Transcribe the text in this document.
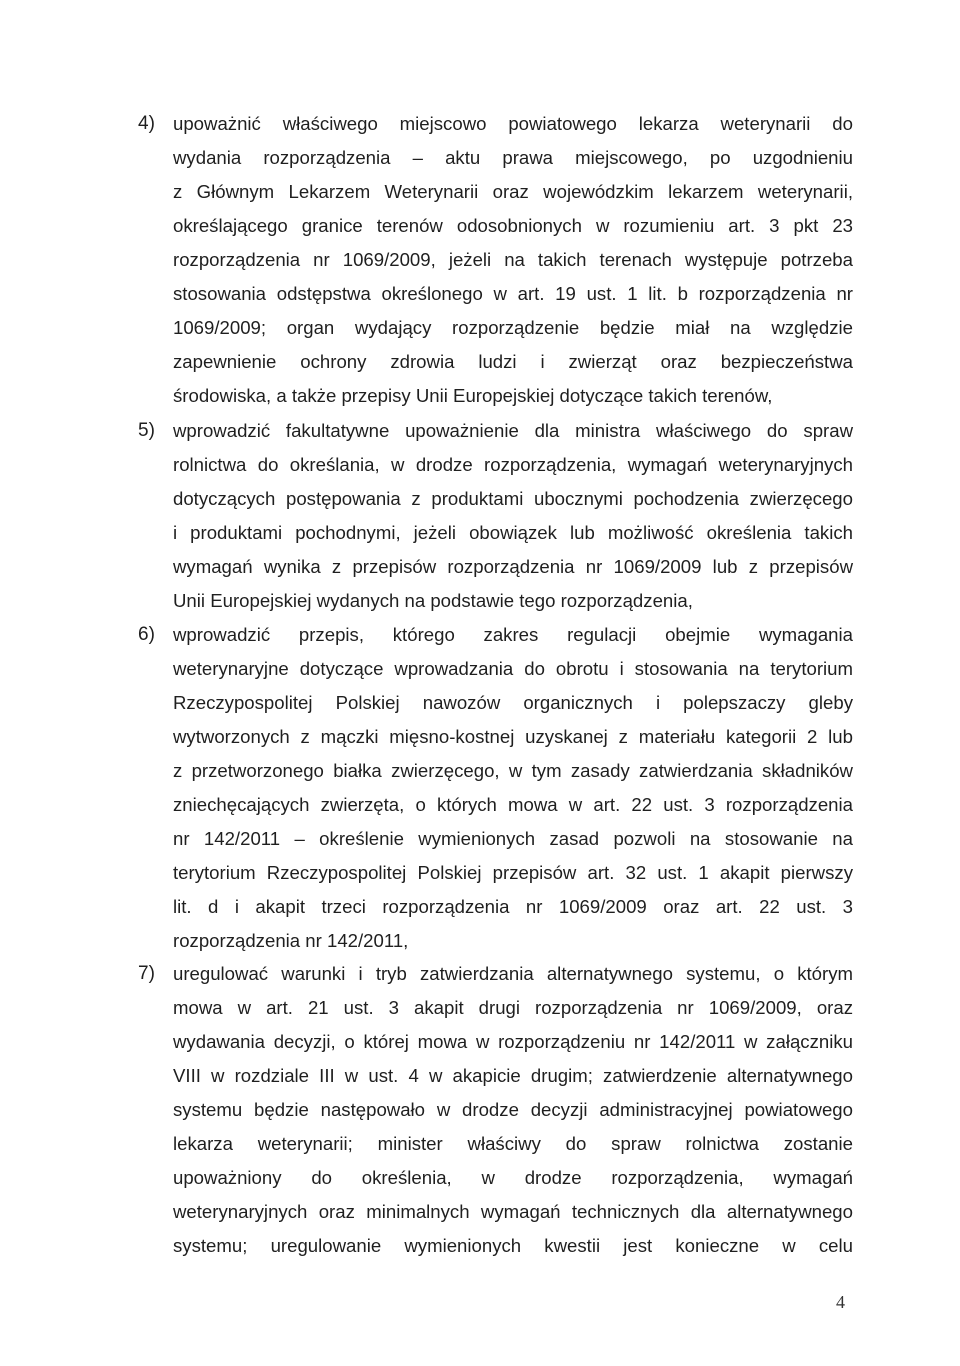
4) upoważnić właściwego miejscowo powiatowego lekarza weterynarii do
wydania rozporządzenia – aktu prawa miejscowego, po uzgodnieniu
z Głównym Lekarzem Weterynarii oraz wojewódzkim lekarzem weterynarii,
określającego granice terenów odosobnionych w rozumieniu art. 3 pkt 23
rozporządzenia nr 1069/2009, jeżeli na takich terenach występuje potrzeba
stosowania odstępstwa określonego w art. 19 ust. 1 lit. b rozporządzenia nr
1069/2009; organ wydający rozporządzenie będzie miał na względzie
zapewnienie ochrony zdrowia ludzi i zwierząt oraz bezpieczeństwa
środowiska, a także przepisy Unii Europejskiej dotyczące takich terenów,
5) wprowadzić fakultatywne upoważnienie dla ministra właściwego do spraw
rolnictwa do określania, w drodze rozporządzenia, wymagań weterynaryjnych
dotyczących postępowania z produktami ubocznymi pochodzenia zwierzęcego
i produktami pochodnymi, jeżeli obowiązek lub możliwość określenia takich
wymagań wynika z przepisów rozporządzenia nr 1069/2009 lub z przepisów
Unii Europejskiej wydanych na podstawie tego rozporządzenia,
6) wprowadzić przepis, którego zakres regulacji obejmie wymagania
weterynaryjne dotyczące wprowadzania do obrotu i stosowania na terytorium
Rzeczypospolitej Polskiej nawozów organicznych i polepszaczy gleby
wytworzonych z mączki mięsno-kostnej uzyskanej z materiału kategorii 2 lub
z przetworzonego białka zwierzęcego, w tym zasady zatwierdzania składników
zniechęcających zwierzęta, o których mowa w art. 22 ust. 3 rozporządzenia
nr 142/2011 – określenie wymienionych zasad pozwoli na stosowanie na
terytorium Rzeczypospolitej Polskiej przepisów art. 32 ust. 1 akapit pierwszy
lit. d i akapit trzeci rozporządzenia nr 1069/2009 oraz art. 22 ust. 3
rozporządzenia nr 142/2011,
7) uregulować warunki i tryb zatwierdzania alternatywnego systemu, o którym
mowa w art. 21 ust. 3 akapit drugi rozporządzenia nr 1069/2009, oraz
wydawania decyzji, o której mowa w rozporządzeniu nr 142/2011 w załączniku
VIII w rozdziale III w ust. 4 w akapicie drugim; zatwierdzenie alternatywnego
systemu będzie następowało w drodze decyzji administracyjnej powiatowego
lekarza weterynarii; minister właściwy do spraw rolnictwa zostanie
upoważniony do określenia, w drodze rozporządzenia, wymagań
weterynaryjnych oraz minimalnych wymagań technicznych dla alternatywnego
systemu; uregulowanie wymienionych kwestii jest konieczne w celu
4
